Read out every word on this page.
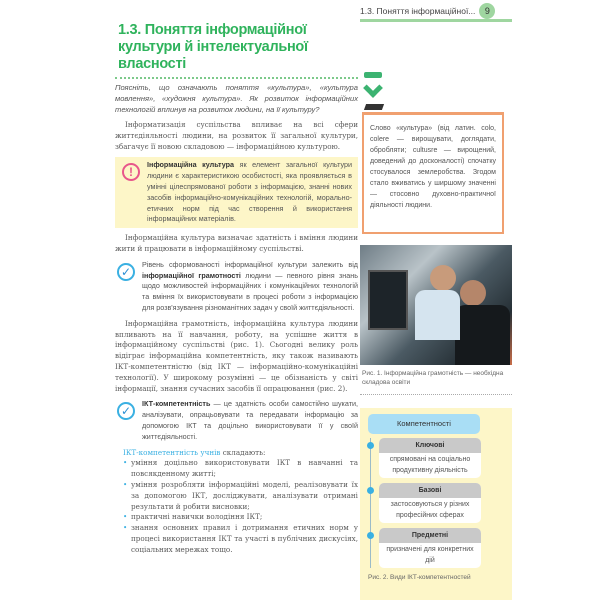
1.3. Поняття інформаційної...	9
1.3. Поняття інформаційної культури й інтелектуальної власності
Поясніть, що означають поняття «культура», «культура мовлення», «художня культура». Як розвиток інформаційних технологій вплинув на розвиток людини, на її культуру?
Інформатизація суспільства впливає на всі сфери життєдіяльності людини, на розвиток її загальної культури, збагачує її новою складовою — інформаційною культурою.
!
Інформаційна культура як елемент загальної культури людини є характеристикою особистості, яка проявляється в умінні цілеспрямованої роботи з інформацією, знанні нових засобів інформаційно-комунікаційних технологій, морально-етичних норм під час створення й використання інформаційних матеріалів.
Інформаційна культура визначає здатність і вміння людини жити й працювати в інформаційному суспільстві.
✓
Рівень сформованості інформаційної культури залежить від інформаційної грамотності людини — певного рівня знань щодо можливостей інформаційних і комунікаційних технологій та вміння їх використовувати в процесі роботи з інформацією для розв'язування різноманітних задач у своїй життєдіяльності.
Інформаційна грамотність, інформаційна культура людини впливають на її навчання, роботу, на успішне життя в інформаційному суспільстві (рис. 1). Сьогодні велику роль відіграє інформаційна компетентність, яку також називають ІКТ-компетентністю (від ІКТ — інформаційно-комунікаційні технології). У широкому розумінні — це обізнаність у світі інформації, знання сучасних засобів її опрацювання (рис. 2).
✓
ІКТ-компетентність — це здатність особи самостійно шукати, аналізувати, опрацьовувати та передавати інформацію за допомогою ІКТ та доцільно використовувати її у своїй життєдіяльності.
ІКТ-компетентність учнів складають:
• уміння доцільно використовувати ІКТ в навчанні та повсякденному житті;
• уміння розробляти інформаційні моделі, реалізовувати їх за допомогою ІКТ, досліджувати, аналізувати отримані результати й робити висновки;
• практичні навички володіння ІКТ;
• знання основних правил і дотримання етичних норм у процесі використання ІКТ та участі в публічних дискусіях, соціальних мережах тощо.
Слово «культура» (від латин. colo, colere — вирощувати, доглядати, обробляти; cultusre — вирощений, доведений до досконалості) спочатку стосувалося землеробства. Згодом стало вживатись у ширшому значенні — стосовно духовно-практичної діяльності людини.
Рис. 1. Інформаційна грамотність — необхідна складова освіти
Компетентності
Ключові
спрямовані на соціально продуктивну діяльність
Базові
застосовуються у різних професійних сферах
Предметні
призначені для конкретних дій
Рис. 2. Види ІКТ-компетентностей
